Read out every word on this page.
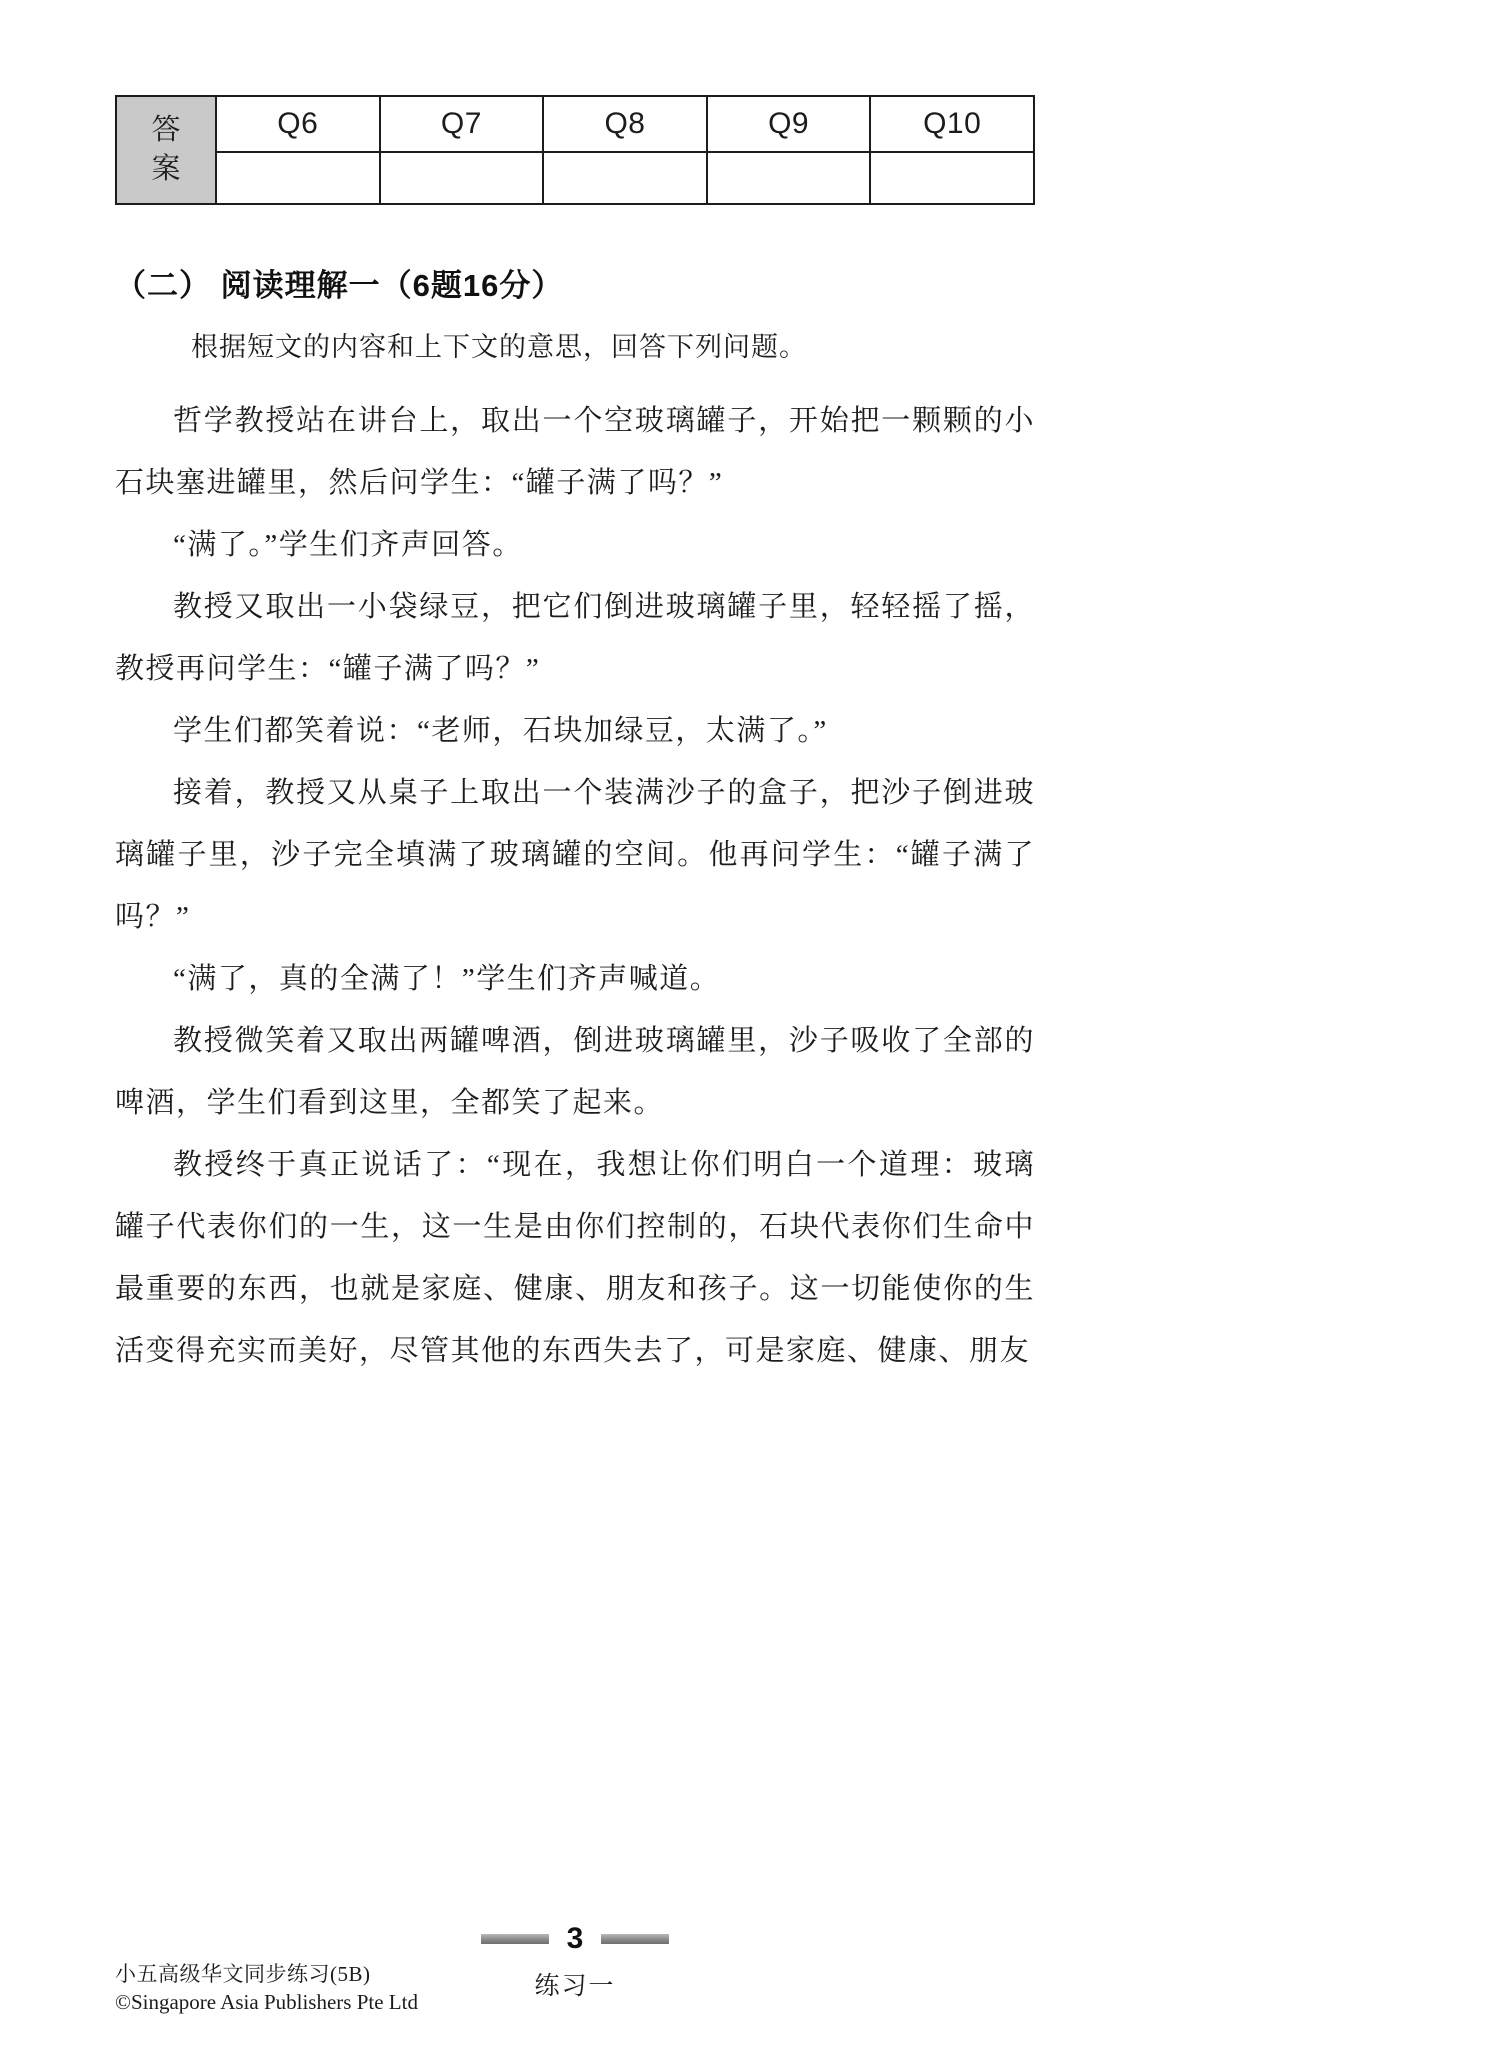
答案	Q6	Q7	Q8	Q9	Q10

（二） 阅读理解一（6题16分）
根据短文的内容和上下文的意思，回答下列问题。

哲学教授站在讲台上，取出一个空玻璃罐子，开始把一颗颗的小石块塞进罐里，然后问学生：“罐子满了吗？”

“满了。”学生们齐声回答。

教授又取出一小袋绿豆，把它们倒进玻璃罐子里，轻轻摇了摇，教授再问学生：“罐子满了吗？”

学生们都笑着说：“老师，石块加绿豆，太满了。”

接着，教授又从桌子上取出一个装满沙子的盒子，把沙子倒进玻璃罐子里，沙子完全填满了玻璃罐的空间。他再问学生：“罐子满了吗？”

“满了，真的全满了！”学生们齐声喊道。

教授微笑着又取出两罐啤酒，倒进玻璃罐里，沙子吸收了全部的啤酒，学生们看到这里，全都笑了起来。

教授终于真正说话了：“现在，我想让你们明白一个道理：玻璃罐子代表你们的一生，这一生是由你们控制的，石块代表你们生命中最重要的东西，也就是家庭、健康、朋友和孩子。这一切能使你的生活变得充实而美好，尽管其他的东西失去了，可是家庭、健康、朋友

3
练习一
小五高级华文同步练习(5B)
©Singapore Asia Publishers Pte Ltd
